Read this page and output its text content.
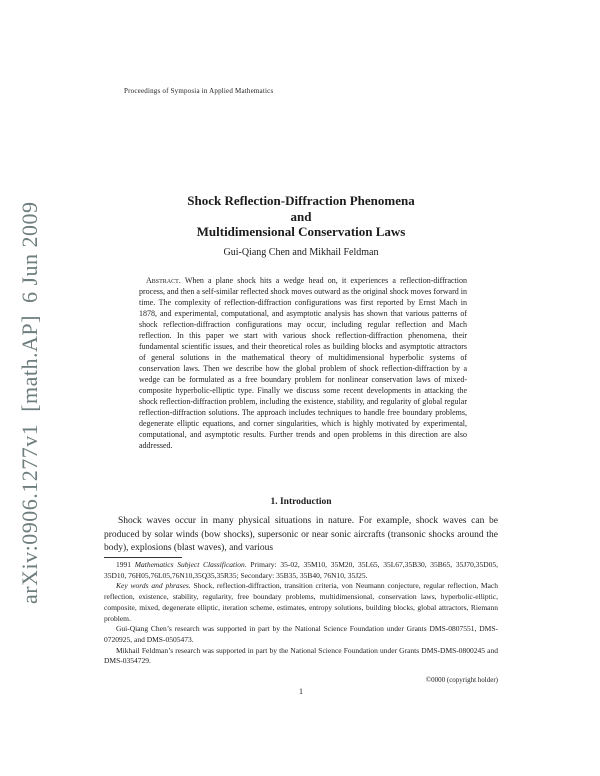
arXiv:0906.1277v1  [math.AP]  6 Jun 2009
Proceedings of Symposia in Applied Mathematics
Shock Reflection-Diffraction Phenomena
and
Multidimensional Conservation Laws
Gui-Qiang Chen and Mikhail Feldman
Abstract. When a plane shock hits a wedge head on, it experiences a reflection-diffraction process, and then a self-similar reflected shock moves outward as the original shock moves forward in time. The complexity of reflection-diffraction configurations was first reported by Ernst Mach in 1878, and experimental, computational, and asymptotic analysis has shown that various patterns of shock reflection-diffraction configurations may occur, including regular reflection and Mach reflection. In this paper we start with various shock reflection-diffraction phenomena, their fundamental scientific issues, and their theoretical roles as building blocks and asymptotic attractors of general solutions in the mathematical theory of multidimensional hyperbolic systems of conservation laws. Then we describe how the global problem of shock reflection-diffraction by a wedge can be formulated as a free boundary problem for nonlinear conservation laws of mixed-composite hyperbolic-elliptic type. Finally we discuss some recent developments in attacking the shock reflection-diffraction problem, including the existence, stability, and regularity of global regular reflection-diffraction solutions. The approach includes techniques to handle free boundary problems, degenerate elliptic equations, and corner singularities, which is highly motivated by experimental, computational, and asymptotic results. Further trends and open problems in this direction are also addressed.
1. Introduction
Shock waves occur in many physical situations in nature. For example, shock waves can be produced by solar winds (bow shocks), supersonic or near sonic aircrafts (transonic shocks around the body), explosions (blast waves), and various

1991 Mathematics Subject Classification. Primary: 35-02, 35M10, 35M20, 35L65, 35L67,35B30, 35B65, 35J70,35D05, 35D10, 76H05,76L05,76N10,35Q35,35R35; Secondary: 35B35, 35B40, 76N10, 35J25.

Key words and phrases. Shock, reflection-diffraction, transition criteria, von Neumann conjecture, regular reflection, Mach reflection, existence, stability, regularity, free boundary problems, multidimensional, conservation laws, hyperbolic-elliptic, composite, mixed, degenerate elliptic, iteration scheme, estimates, entropy solutions, building blocks, global attractors, Riemann problem.

Gui-Qiang Chen’s research was supported in part by the National Science Foundation under Grants DMS-0807551, DMS-0720925, and DMS-0505473.

Mikhail Feldman’s research was supported in part by the National Science Foundation under Grants DMS-DMS-0800245 and DMS-0354729.

©0000 (copyright holder)
1
